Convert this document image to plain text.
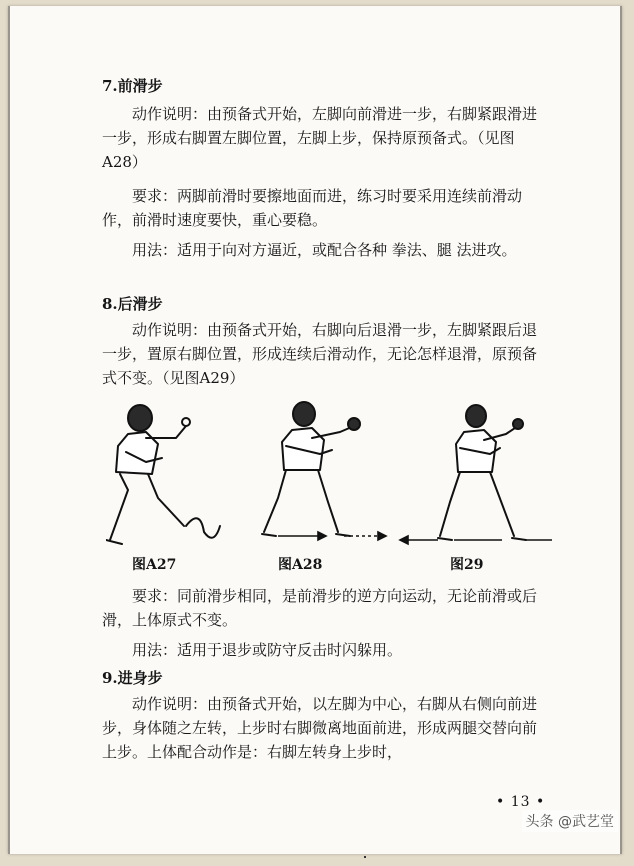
7.前滑步

动作说明：由预备式开始，左脚向前滑进一步，右脚紧跟滑进一步，形成右脚置左脚位置，左脚上步，保持原预备式。（见图A28）

要求：两脚前滑时要擦地面而进，练习时要采用连续前滑动作，前滑时速度要快，重心要稳。

用法：适用于向对方逼近，或配合各种 拳法、腿 法进攻。

8.后滑步

动作说明：由预备式开始，右脚向后退滑一步，左脚紧跟后退一步，置原右脚位置，形成连续后滑动作，无论怎样退滑，原预备式不变。（见图A29）

图A27	图A28	图29

要求：同前滑步相同，是前滑步的逆方向运动，无论前滑或后滑，上体原式不变。

用法：适用于退步或防守反击时闪躲用。

9.进身步

动作说明：由预备式开始，以左脚为中心，右脚从右侧向前进步，身体随之左转，上步时右脚微离地面前进，形成两腿交替向前上步。上体配合动作是：右脚左转身上步时，

• 13 •
头条 @武艺堂
